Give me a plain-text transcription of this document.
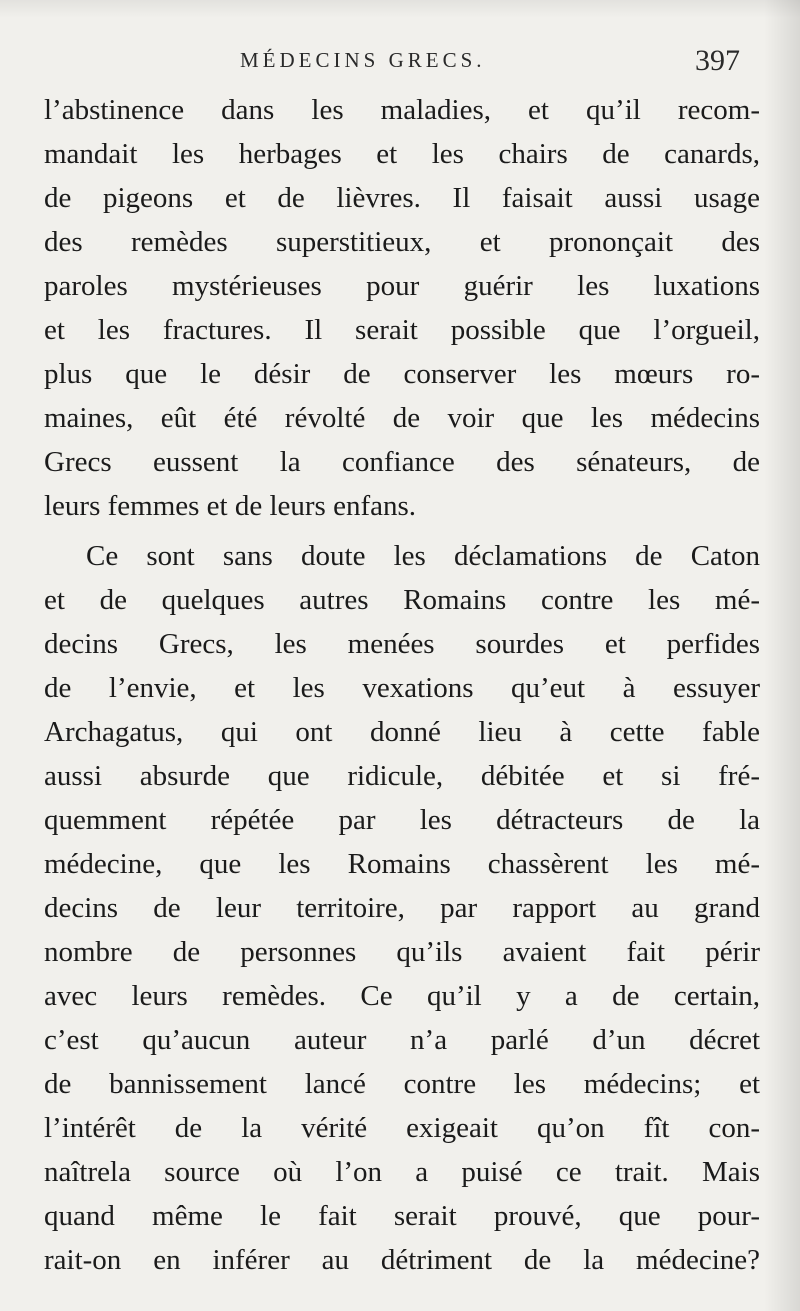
MÉDECINS GRECS.	397
l’abstinence dans les maladies, et qu’il recom-
mandait les herbages et les chairs de canards,
de pigeons et de lièvres. Il faisait aussi usage
des remèdes superstitieux, et prononçait des
paroles mystérieuses pour guérir les luxations
et les fractures. Il serait possible que l’orgueil,
plus que le désir de conserver les mœurs ro-
maines, eût été révolté de voir que les médecins
Grecs eussent la confiance des sénateurs, de
leurs femmes et de leurs enfans.
Ce sont sans doute les déclamations de Caton
et de quelques autres Romains contre les mé-
decins Grecs, les menées sourdes et perfides
de l’envie, et les vexations qu’eut à essuyer
Archagatus, qui ont donné lieu à cette fable
aussi absurde que ridicule, débitée et si fré-
quemment répétée par les détracteurs de la
médecine, que les Romains chassèrent les mé-
decins de leur territoire, par rapport au grand
nombre de personnes qu’ils avaient fait périr
avec leurs remèdes. Ce qu’il y a de certain,
c’est qu’aucun auteur n’a parlé d’un décret
de bannissement lancé contre les médecins; et
l’intérêt de la vérité exigeait qu’on fît con-
naîtrela source où l’on a puisé ce trait. Mais
quand même le fait serait prouvé, que pour-
rait-on en inférer au détriment de la médecine?
